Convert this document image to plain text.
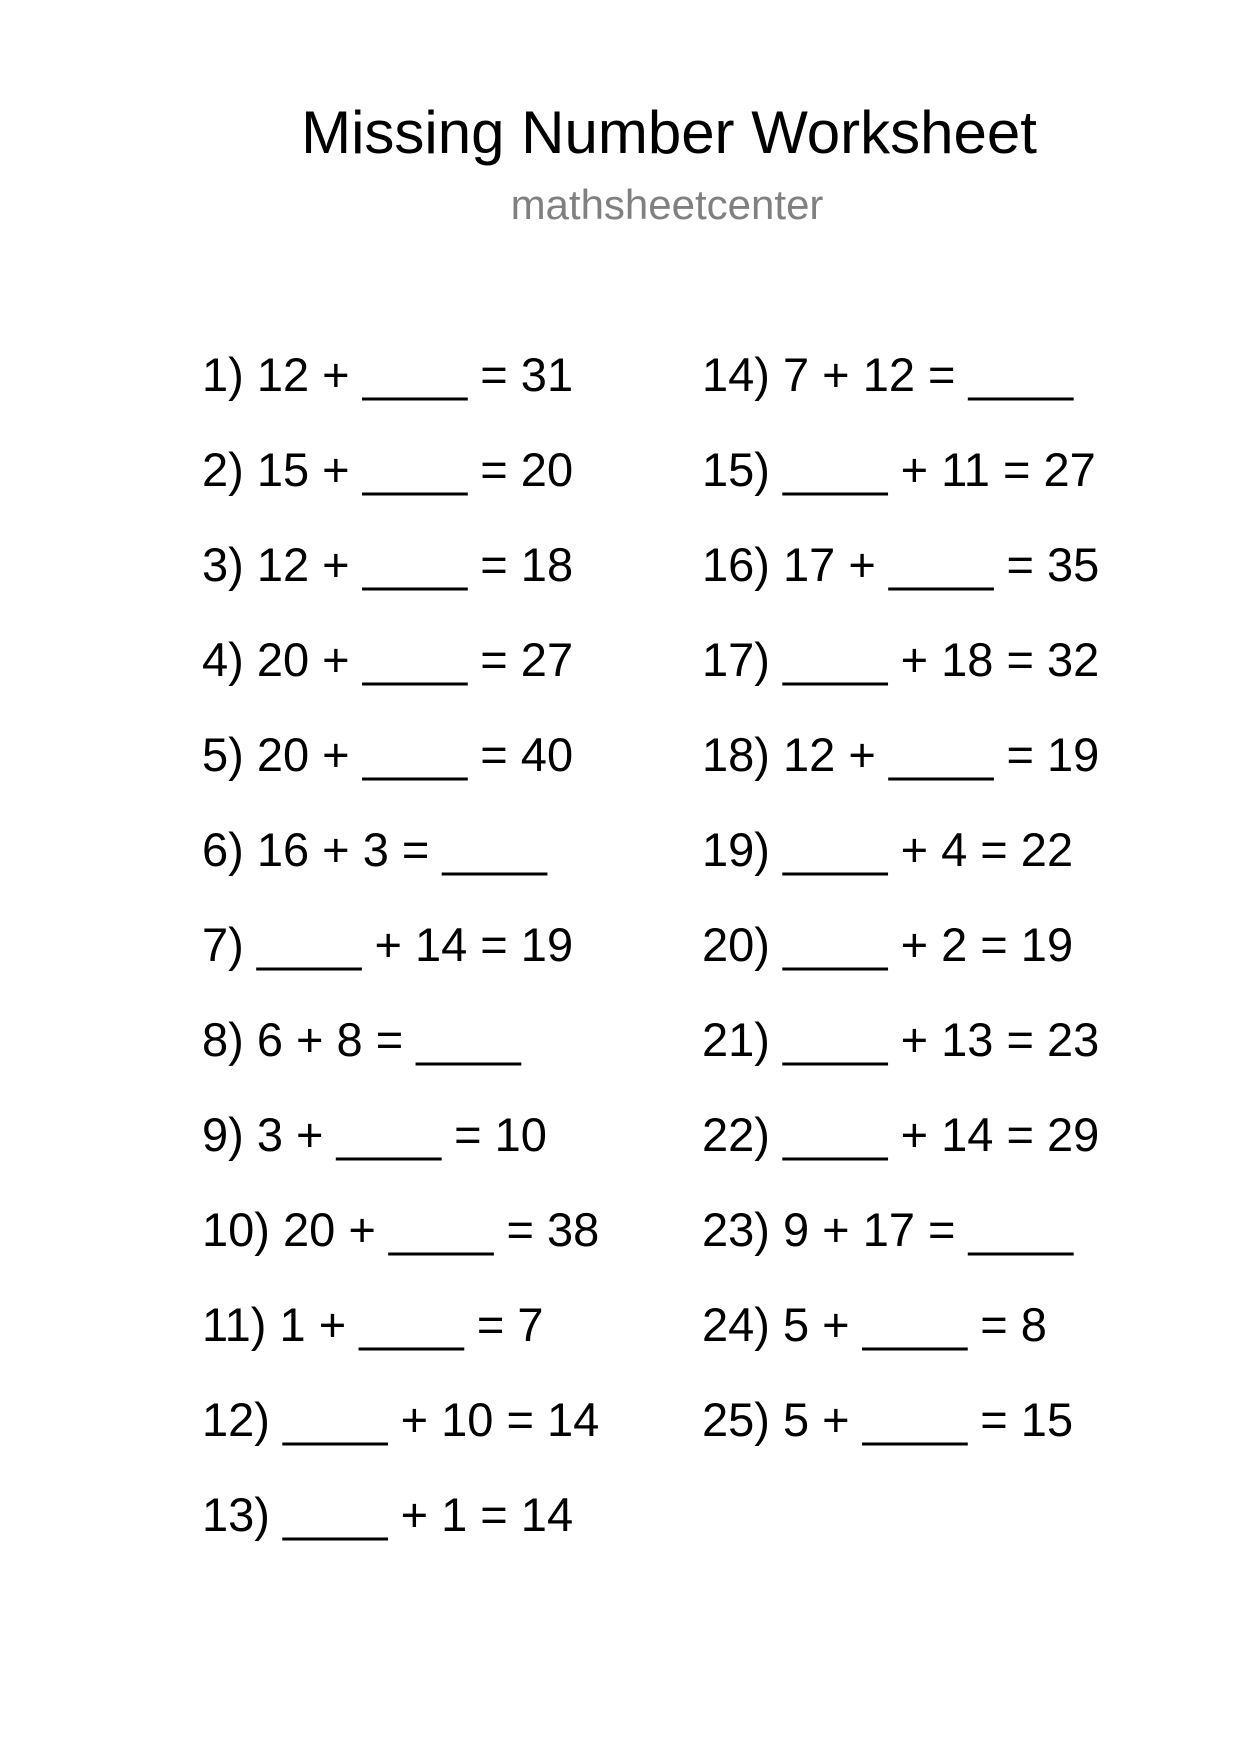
Missing Number Worksheet
mathsheetcenter
1) 12 + ____ = 31
2) 15 + ____ = 20
3) 12 + ____ = 18
4) 20 + ____ = 27
5) 20 + ____ = 40
6) 16 + 3 = ____
7) ____ + 14 = 19
8) 6 + 8 = ____
9) 3 + ____ = 10
10) 20 + ____ = 38
11) 1 + ____ = 7
12) ____ + 10 = 14
13) ____ + 1 = 14
14) 7 + 12 = ____
15) ____ + 11 = 27
16) 17 + ____ = 35
17) ____ + 18 = 32
18) 12 + ____ = 19
19) ____ + 4 = 22
20) ____ + 2 = 19
21) ____ + 13 = 23
22) ____ + 14 = 29
23) 9 + 17 = ____
24) 5 + ____ = 8
25) 5 + ____ = 15
